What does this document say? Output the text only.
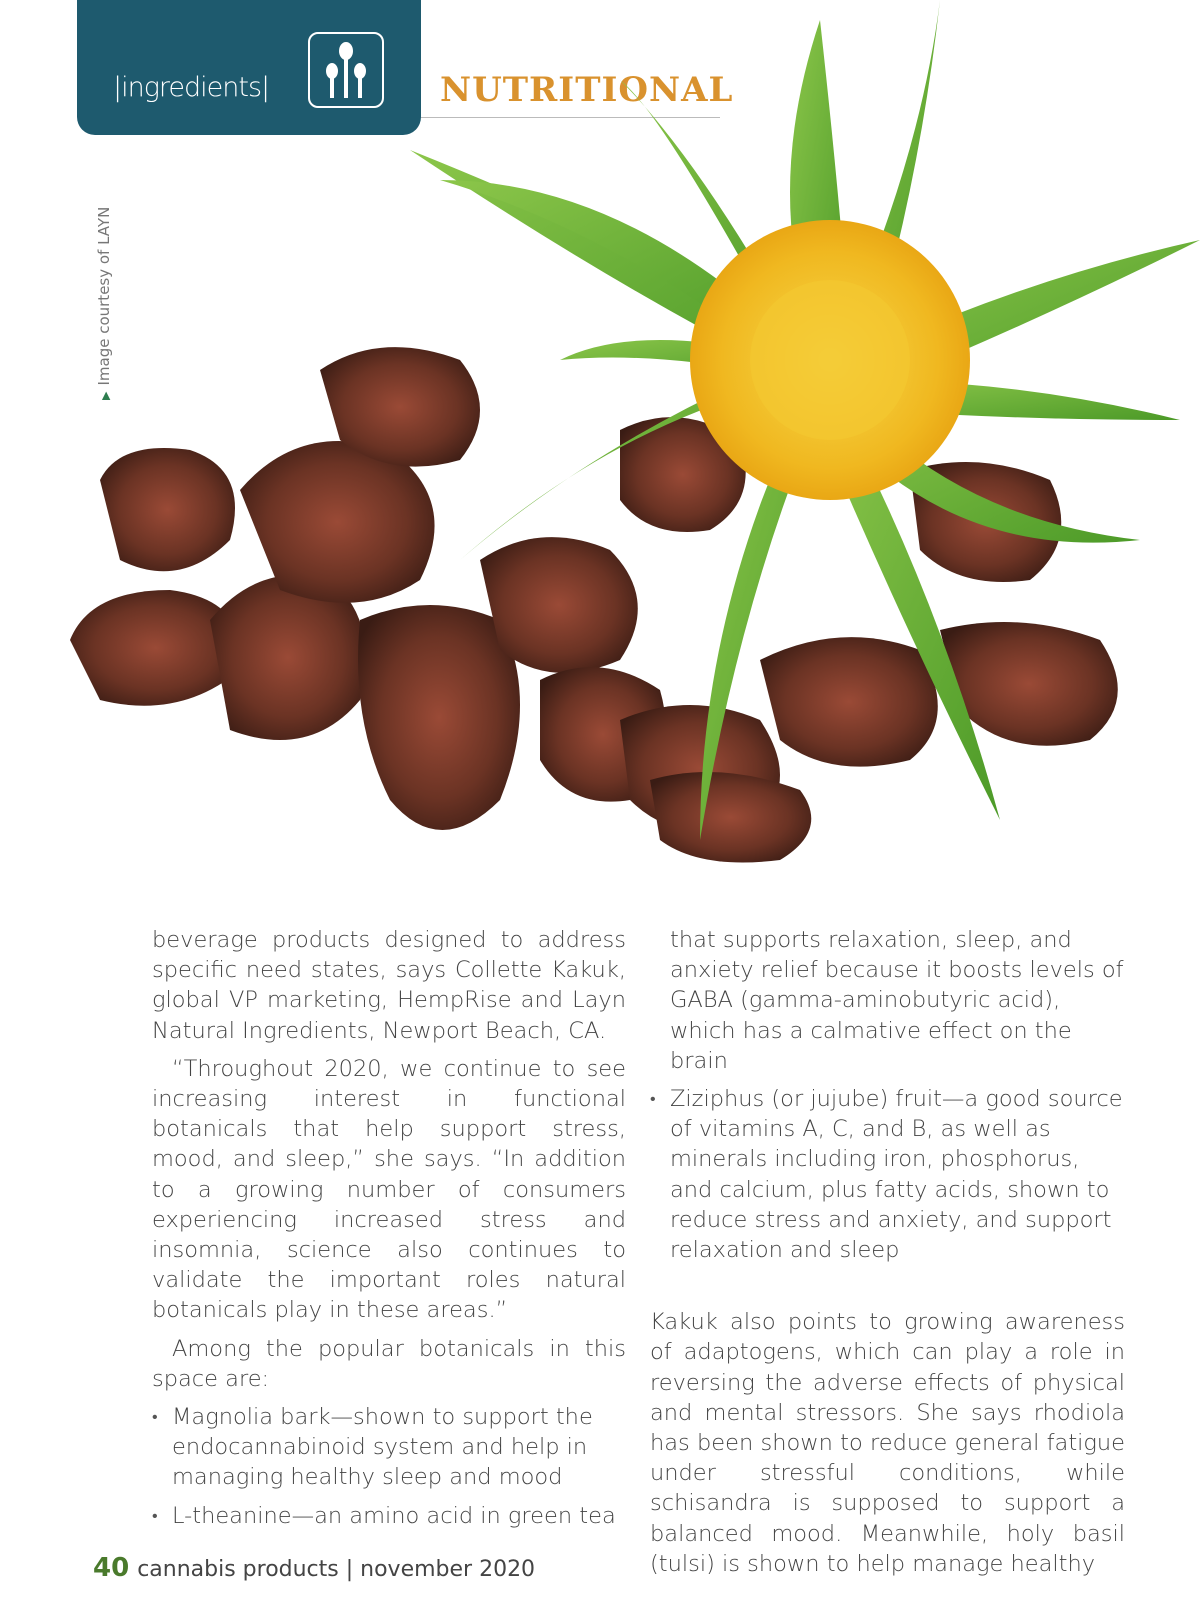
|ingredients|	NUTRITIONAL
▶Image courtesy of LAYN

beverage products designed to address specific need states, says Collette Kakuk, global VP marketing, HempRise and Layn Natural Ingredients, Newport Beach, CA.

“Throughout 2020, we continue to see increasing interest in functional botanicals that help support stress, mood, and sleep,” she says. “In addition to a growing number of consumers experiencing increased stress and insomnia, science also continues to validate the important roles natural botanicals play in these areas.”

Among the popular botanicals in this space are:

• Magnolia bark—shown to support the endocannabinoid system and help in managing healthy sleep and mood
• L-theanine—an amino acid in green tea
that supports relaxation, sleep, and anxiety relief because it boosts levels of GABA (gamma-aminobutyric acid), which has a calmative effect on the brain
• Ziziphus (or jujube) fruit—a good source of vitamins A, C, and B, as well as minerals including iron, phosphorus, and calcium, plus fatty acids, shown to reduce stress and anxiety, and support relaxation and sleep

Kakuk also points to growing awareness of adaptogens, which can play a role in reversing the adverse effects of physical and mental stressors. She says rhodiola has been shown to reduce general fatigue under stressful conditions, while schisandra is supposed to support a balanced mood. Meanwhile, holy basil (tulsi) is shown to help manage healthy

40 cannabis products | november 2020
